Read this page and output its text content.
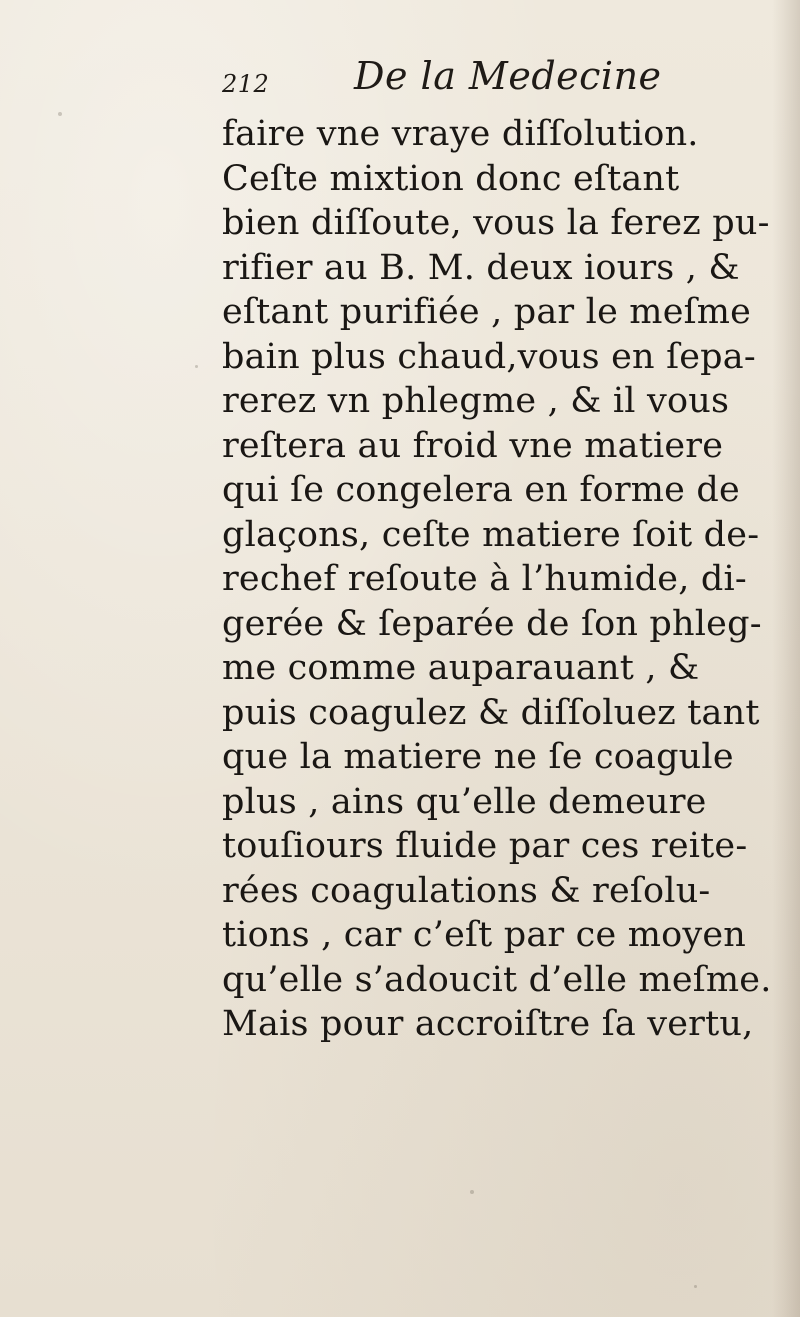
212 De la Medecine
faire vne vraye diſſolution.
Ceſte mixtion donc eſtant
bien diſſoute, vous la ferez pu-
rifier au B. M. deux iours , &
eſtant purifiée , par le meſme
bain plus chaud,vous en ſepa-
rerez vn phlegme , & il vous
reſtera au froid vne matiere
qui ſe congelera en forme de
glaçons, ceſte matiere ſoit de-
rechef reſoute à l’humide, di-
gerée & ſeparée de ſon phleg-
me comme auparauant , &
puis coagulez & diſſoluez tant
que la matiere ne ſe coagule
plus , ains qu’elle demeure
touſiours fluide par ces reite-
rées coagulations & reſolu-
tions , car c’eſt par ce moyen
qu’elle s’adoucit d’elle meſme.
Mais pour accroiſtre ſa vertu,
